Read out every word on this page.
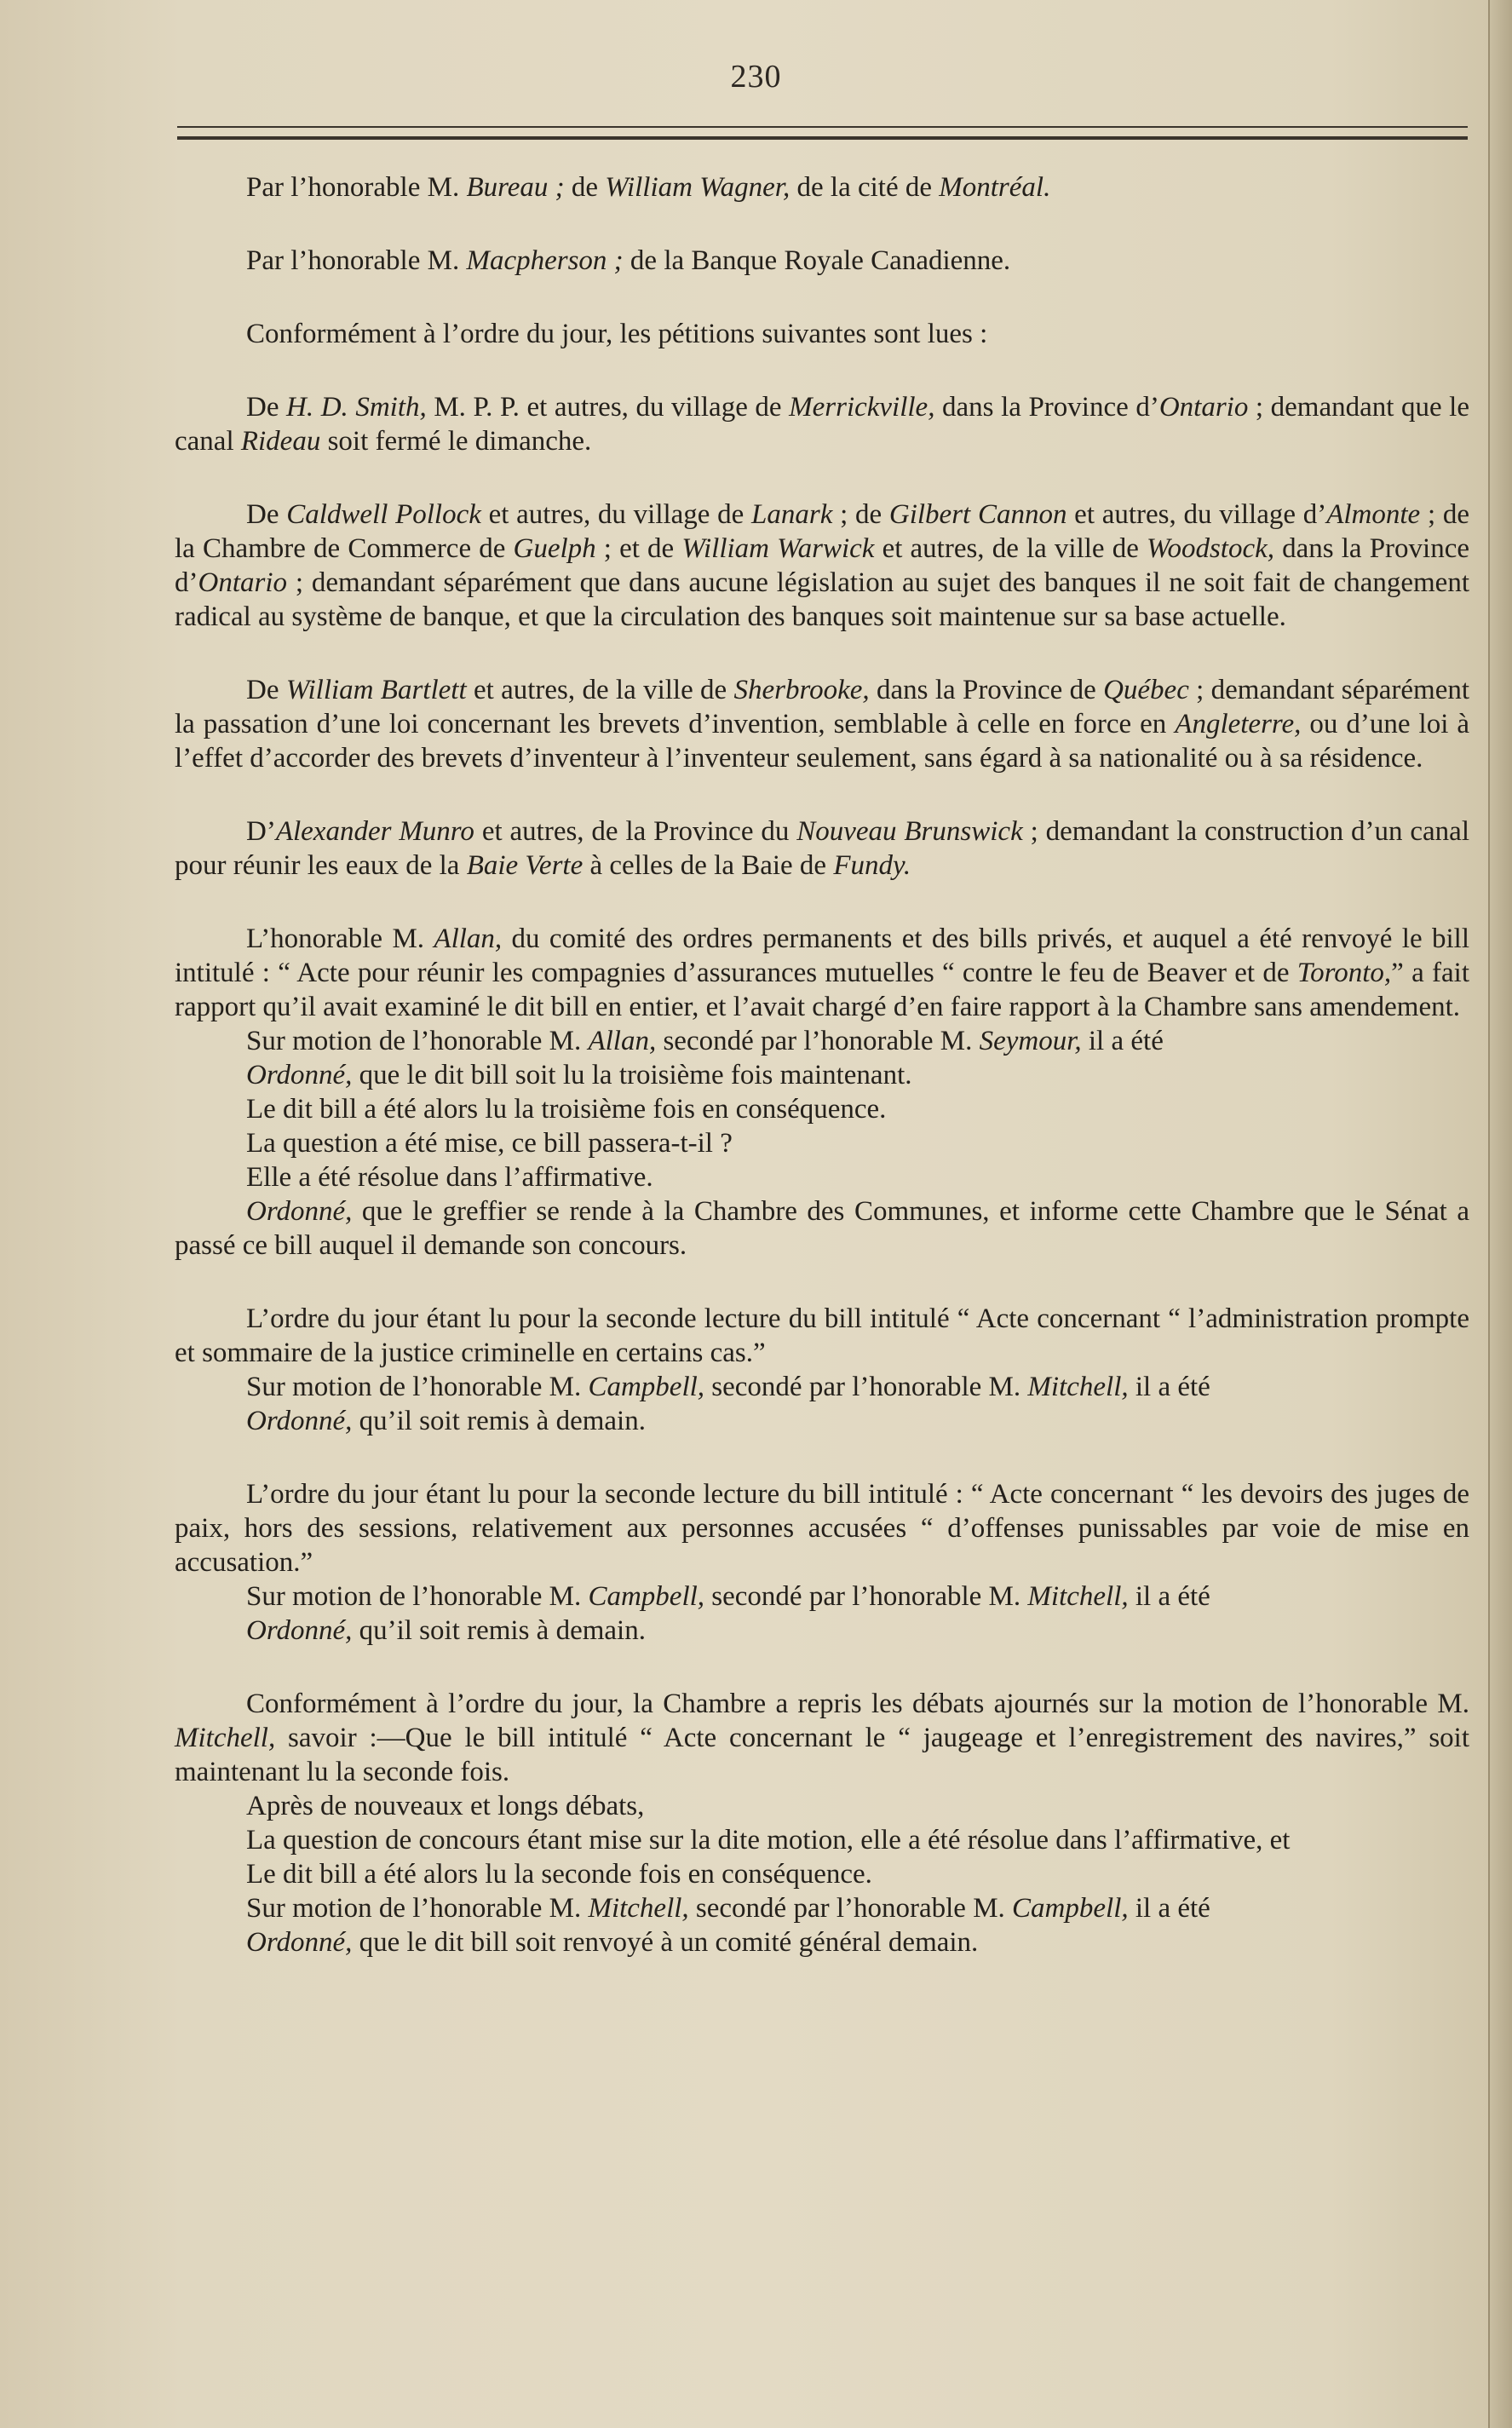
230

Par l’honorable M. Bureau ; de William Wagner, de la cité de Montréal.

Par l’honorable M. Macpherson ; de la Banque Royale Canadienne.

Conformément à l’ordre du jour, les pétitions suivantes sont lues :

De H. D. Smith, M. P. P. et autres, du village de Merrickville, dans la Province d’Ontario ; demandant que le canal Rideau soit fermé le dimanche.

De Caldwell Pollock et autres, du village de Lanark ; de Gilbert Cannon et autres, du village d’Almonte ; de la Chambre de Commerce de Guelph ; et de William Warwick et autres, de la ville de Woodstock, dans la Province d’Ontario ; demandant séparément que dans aucune législation au sujet des banques il ne soit fait de changement radical au système de banque, et que la circulation des banques soit maintenue sur sa base actuelle.

De William Bartlett et autres, de la ville de Sherbrooke, dans la Province de Québec ; demandant séparément la passation d’une loi concernant les brevets d’invention, semblable à celle en force en Angleterre, ou d’une loi à l’effet d’accorder des brevets d’inventeur à l’inventeur seulement, sans égard à sa nationalité ou à sa résidence.

D’Alexander Munro et autres, de la Province du Nouveau Brunswick ; demandant la construction d’un canal pour réunir les eaux de la Baie Verte à celles de la Baie de Fundy.

L’honorable M. Allan, du comité des ordres permanents et des bills privés, et auquel a été renvoyé le bill intitulé : “ Acte pour réunir les compagnies d’assurances mutuelles “ contre le feu de Beaver et de Toronto,” a fait rapport qu’il avait examiné le dit bill en entier, et l’avait chargé d’en faire rapport à la Chambre sans amendement.

Sur motion de l’honorable M. Allan, secondé par l’honorable M. Seymour, il a été

Ordonné, que le dit bill soit lu la troisième fois maintenant.

Le dit bill a été alors lu la troisième fois en conséquence.

La question a été mise, ce bill passera-t-il ?

Elle a été résolue dans l’affirmative.

Ordonné, que le greffier se rende à la Chambre des Communes, et informe cette Chambre que le Sénat a passé ce bill auquel il demande son concours.

L’ordre du jour étant lu pour la seconde lecture du bill intitulé “ Acte concernant “ l’administration prompte et sommaire de la justice criminelle en certains cas.”

Sur motion de l’honorable M. Campbell, secondé par l’honorable M. Mitchell, il a été

Ordonné, qu’il soit remis à demain.

L’ordre du jour étant lu pour la seconde lecture du bill intitulé : “ Acte concernant “ les devoirs des juges de paix, hors des sessions, relativement aux personnes accusées “ d’offenses punissables par voie de mise en accusation.”

Sur motion de l’honorable M. Campbell, secondé par l’honorable M. Mitchell, il a été

Ordonné, qu’il soit remis à demain.

Conformément à l’ordre du jour, la Chambre a repris les débats ajournés sur la motion de l’honorable M. Mitchell, savoir :—Que le bill intitulé “ Acte concernant le “ jaugeage et l’enregistrement des navires,” soit maintenant lu la seconde fois.

Après de nouveaux et longs débats,

La question de concours étant mise sur la dite motion, elle a été résolue dans l’affirmative, et

Le dit bill a été alors lu la seconde fois en conséquence.

Sur motion de l’honorable M. Mitchell, secondé par l’honorable M. Campbell, il a été

Ordonné, que le dit bill soit renvoyé à un comité général demain.
